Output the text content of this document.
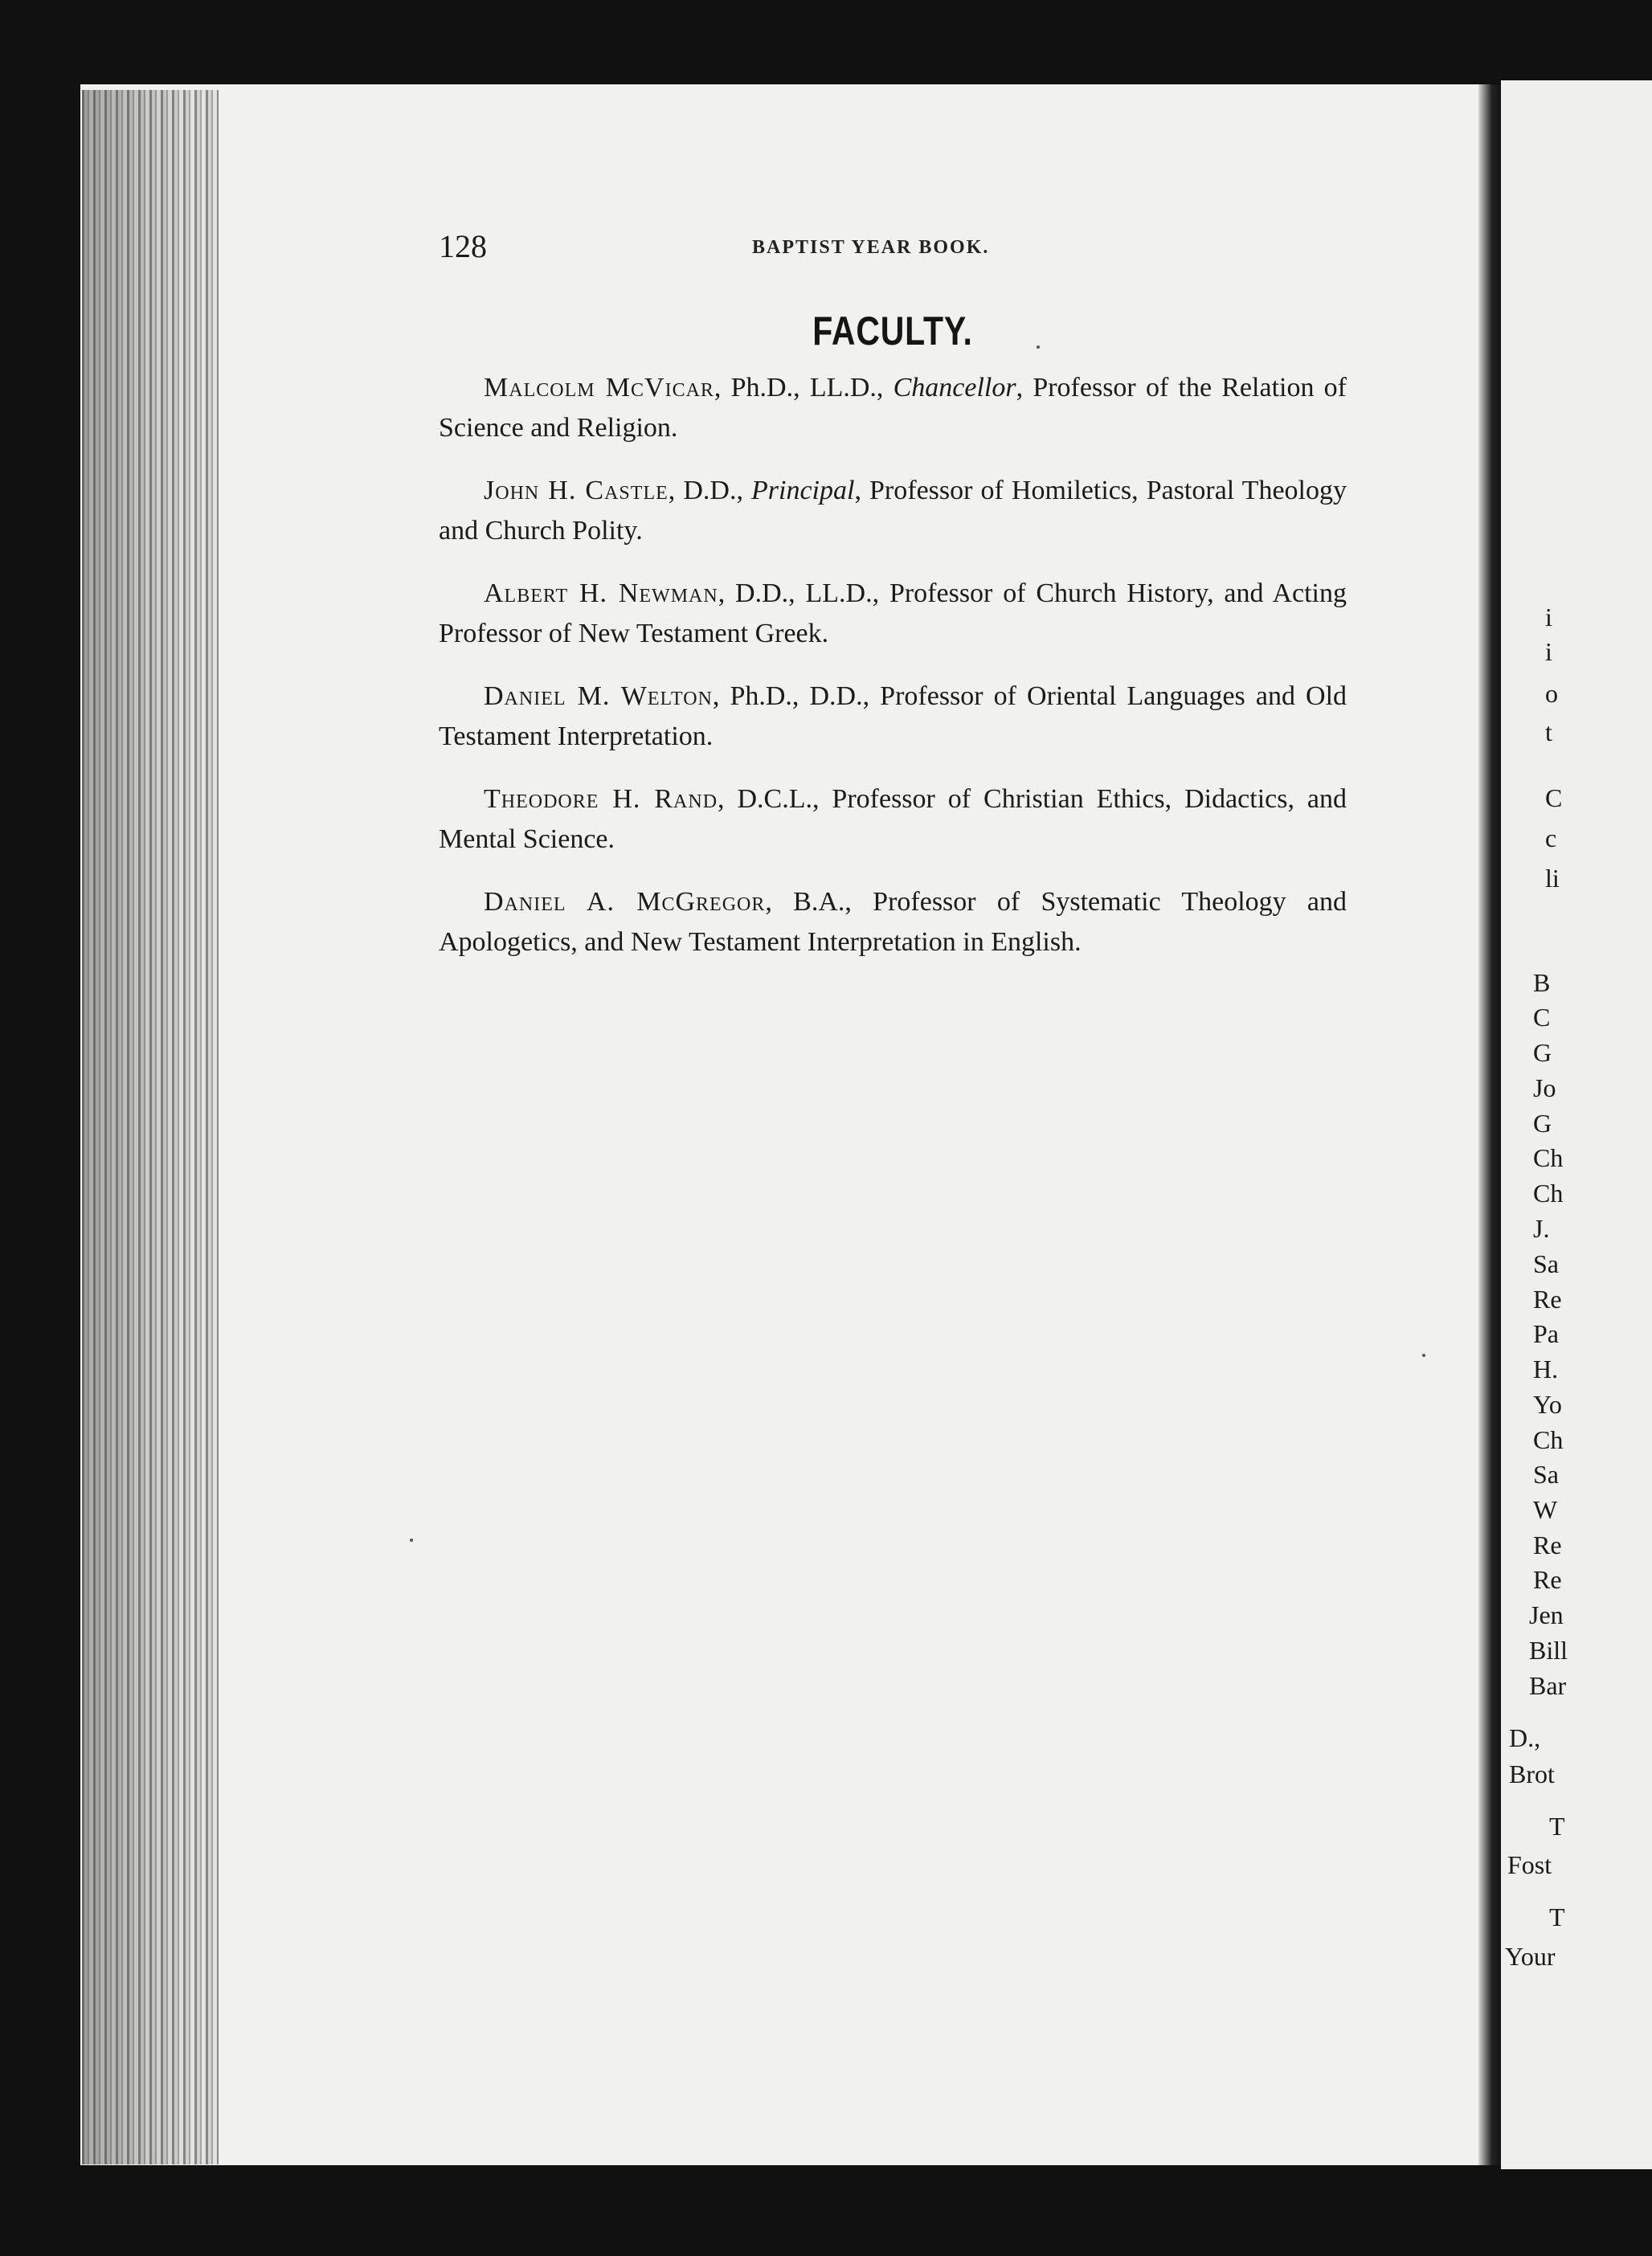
i
i
o
t
C
c
li
B
C
G
Jo
G
Ch
Ch
J.
Sa
Re
Pa
H.
Yo
Ch
Sa
W
Re
Re
Jen
Bill
Bar
D.,
Brot
T
Fost
T
Your
128	BAPTIST YEAR BOOK.
FACULTY.

Malcolm McVicar, Ph.D., LL.D., Chancellor, Professor of the Relation of Science and Religion.

John H. Castle, D.D., Principal, Professor of Homiletics, Pastoral Theology and Church Polity.

Albert H. Newman, D.D., LL.D., Professor of Church History, and Acting Professor of New Testament Greek.

Daniel M. Welton, Ph.D., D.D., Professor of Oriental Languages and Old Testament Interpretation.

Theodore H. Rand, D.C.L., Professor of Christian Ethics, Didactics, and Mental Science.

Daniel A. McGregor, B.A., Professor of Systematic Theology and Apologetics, and New Testament Interpretation in English.
